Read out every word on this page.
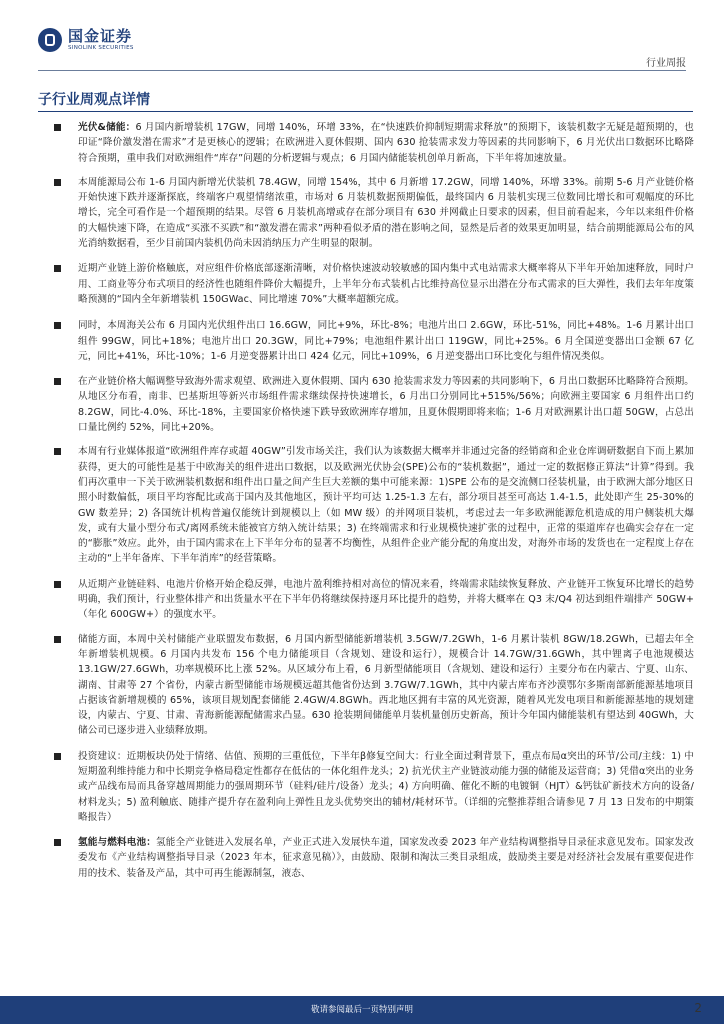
国金证券
SINOLINK SECURITIES
行业周报
子行业周观点详情
光伏&储能：6 月国内新增装机 17GW，同增 140%，环增 33%，在“快速跌价抑制短期需求释放”的预期下，该装机数字无疑是超预期的，也印证“降价激发潜在需求”才是更核心的逻辑；在欧洲进入夏休假期、国内 630 抢装需求发力等因素的共同影响下，6 月光伏出口数据环比略降符合预期，重申我们对欧洲组件“库存”问题的分析逻辑与观点；6 月国内储能装机创单月新高，下半年将加速放量。
本周能源局公布 1-6 月国内新增光伏装机 78.4GW，同增 154%，其中 6 月新增 17.2GW，同增 140%，环增 33%。前期 5-6 月产业链价格开始快速下跌并逐渐探底，终端客户观望情绪浓重，市场对 6 月装机数据预期偏低，最终国内 6 月装机实现三位数同比增长和可观幅度的环比增长，完全可看作是一个超预期的结果。尽管 6 月装机高增或存在部分项目有 630 并网截止日要求的因素，但目前看起来，今年以来组件价格的大幅快速下降，在造成“买涨不买跌”和“激发潜在需求”两种看似矛盾的潜在影响之间，显然是后者的效果更加明显，结合前期能源局公布的风光消纳数据看，至少目前国内装机仍尚未因消纳压力产生明显的限制。
近期产业链上游价格触底，对应组件价格底部逐渐清晰，对价格快速波动较敏感的国内集中式电站需求大概率将从下半年开始加速释放，同时户用、工商业等分布式项目的经济性也随组件降价大幅提升，上半年分布式装机占比维持高位显示出潜在分布式需求的巨大弹性，我们去年年度策略预测的“国内全年新增装机 150GWac、同比增速 70%”大概率超额完成。
同时，本周海关公布 6 月国内光伏组件出口 16.6GW，同比+9%，环比-8%；电池片出口 2.6GW，环比-51%，同比+48%。1-6 月累计出口组件 99GW，同比+18%；电池片出口 20.3GW，同比+79%；电池组件累计出口 119GW，同比+25%。6 月全国逆变器出口金额 67 亿元，同比+41%，环比-10%；1-6 月逆变器累计出口 424 亿元，同比+109%，6 月逆变器出口环比变化与组件情况类似。
在产业链价格大幅调整导致海外需求观望、欧洲进入夏休假期、国内 630 抢装需求发力等因素的共同影响下，6 月出口数据环比略降符合预期。从地区分布看，南非、巴基斯坦等新兴市场组件需求继续保持快速增长，6 月出口分别同比+515%/56%；向欧洲主要国家 6 月组件出口约 8.2GW，同比-4.0%、环比-18%，主要国家价格快速下跌导致欧洲库存增加，且夏休假期即将来临；1-6 月对欧洲累计出口超 50GW，占总出口量比例约 52%，同比+20%。
本周有行业媒体报道“欧洲组件库存或超 40GW”引发市场关注，我们认为该数据大概率并非通过完备的经销商和企业仓库调研数据自下而上累加获得，更大的可能性是基于中欧海关的组件进出口数据，以及欧洲光伏协会(SPE)公布的“装机数据”，通过一定的数据修正算法“计算”得到。我们再次重申一下关于欧洲装机数据和组件出口量之间产生巨大差额的集中可能来源：1)SPE 公布的是交流侧口径装机量，由于欧洲大部分地区日照小时数偏低，项目平均容配比或高于国内及其他地区，预计平均可达 1.25-1.3 左右，部分项目甚至可高达 1.4-1.5，此处即产生 25-30%的 GW 数差异；2) 各国统计机构普遍仅能统计到规模以上（如 MW 级）的并网项目装机，考虑过去一年多欧洲能源危机造成的用户侧装机大爆发，或有大量小型分布式/离网系统未能被官方纳入统计结果；3) 在终端需求和行业规模快速扩张的过程中，正常的渠道库存也确实会存在一定的“膨胀”效应。此外，由于国内需求在上下半年分布的显著不均衡性，从组件企业产能分配的角度出发，对海外市场的发货也在一定程度上存在主动的“上半年备库、下半年消库”的经营策略。
从近期产业链硅料、电池片价格开始企稳反弹，电池片盈利维持相对高位的情况来看，终端需求陆续恢复释放、产业链开工恢复环比增长的趋势明确，我们预计，行业整体排产和出货量水平在下半年仍将继续保持逐月环比提升的趋势，并将大概率在 Q3 末/Q4 初达到组件端排产 50GW+（年化 600GW+）的强度水平。
储能方面，本周中关村储能产业联盟发布数据，6 月国内新型储能新增装机 3.5GW/7.2GWh，1-6 月累计装机 8GW/18.2GWh，已超去年全年新增装机规模。6 月国内共发布 156 个电力储能项目（含规划、建设和运行），规模合计 14.7GW/31.6GWh，其中锂离子电池规模达 13.1GW/27.6GWh，功率规模环比上涨 52%。从区域分布上看，6 月新型储能项目（含规划、建设和运行）主要分布在内蒙古、宁夏、山东、湖南、甘肃等 27 个省份，内蒙古新型储能市场规模远超其他省份达到 3.7GW/7.1GWh，其中内蒙古库布齐沙漠鄂尔多斯南部新能源基地项目占据该省新增规模的 65%，该项目规划配套储能 2.4GW/4.8GWh。西北地区拥有丰富的风光资源，随着风光发电项目和新能源基地的规划建设，内蒙古、宁夏、甘肃、青海新能源配储需求凸显。630 抢装期间储能单月装机量创历史新高，预计今年国内储能装机有望达到 40GWh，大储公司已逐步进入业绩释放期。
投资建议：近期板块仍处于情绪、估值、预期的三重低位，下半年β修复空间大：行业全面过剩背景下，重点布局α突出的环节/公司/主线：1) 中短期盈利维持能力和中长期竞争格局稳定性都存在低估的一体化组件龙头；2) 抗光伏主产业链波动能力强的储能及运营商；3) 凭借α突出的业务或产品线布局而具备穿越周期能力的强周期环节（硅料/硅片/设备）龙头；4) 方向明确、催化不断的电镀铜（HJT）&钙钛矿新技术方向的设备/材料龙头；5) 盈利触底、随排产提升存在盈利向上弹性且龙头优势突出的辅材/耗材环节。（详细的完整推荐组合请参见 7 月 13 日发布的中期策略报告）
氢能与燃料电池：氢能全产业链进入发展名单，产业正式进入发展快车道，国家发改委 2023 年产业结构调整指导目录征求意见发布。国家发改委发布《产业结构调整指导目录（2023 年本，征求意见稿）》，由鼓励、限制和淘汰三类目录组成，鼓励类主要是对经济社会发展有重要促进作用的技术、装备及产品，其中可再生能源制氢，液态、
敬请参阅最后一页特别声明	2
